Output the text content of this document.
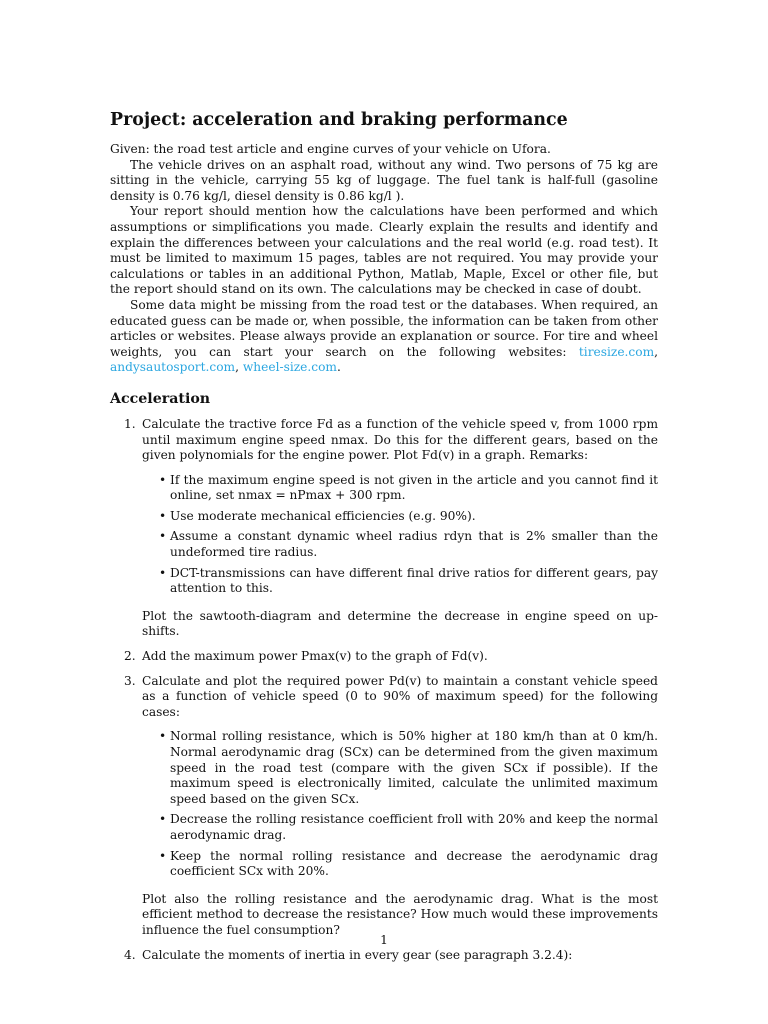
Project: acceleration and braking performance

Given: the road test article and engine curves of your vehicle on Ufora.

The vehicle drives on an asphalt road, without any wind. Two persons of 75 kg are sitting in the vehicle, carrying 55 kg of luggage. The fuel tank is half-full (gasoline density is 0.76 kg/l, diesel density is 0.86 kg/l ).

Your report should mention how the calculations have been performed and which assumptions or simplifications you made. Clearly explain the results and identify and explain the differences between your calculations and the real world (e.g. road test). It must be limited to maximum 15 pages, tables are not required. You may provide your calculations or tables in an additional Python, Matlab, Maple, Excel or other file, but the report should stand on its own. The calculations may be checked in case of doubt.

Some data might be missing from the road test or the databases. When required, an educated guess can be made or, when possible, the information can be taken from other articles or websites. Please always provide an explanation or source. For tire and wheel weights, you can start your search on the following websites: tiresize.com, andysautosport.com, wheel-size.com.

Acceleration
1. Calculate the tractive force Fd as a function of the vehicle speed v, from 1000 rpm until maximum engine speed nmax. Do this for the different gears, based on the given polynomials for the engine power. Plot Fd(v) in a graph. Remarks:
• If the maximum engine speed is not given in the article and you cannot find it online, set nmax = nPmax + 300 rpm.
• Use moderate mechanical efficiencies (e.g. 90%).
• Assume a constant dynamic wheel radius rdyn that is 2% smaller than the undeformed tire radius.
• DCT-transmissions can have different final drive ratios for different gears, pay attention to this.
Plot the sawtooth-diagram and determine the decrease in engine speed on up-shifts.
2. Add the maximum power Pmax(v) to the graph of Fd(v).
3. Calculate and plot the required power Pd(v) to maintain a constant vehicle speed as a function of vehicle speed (0 to 90% of maximum speed) for the following cases:
• Normal rolling resistance, which is 50% higher at 180 km/h than at 0 km/h. Normal aerodynamic drag (SCx) can be determined from the given maximum speed in the road test (compare with the given SCx if possible). If the maximum speed is electronically limited, calculate the unlimited maximum speed based on the given SCx.
• Decrease the rolling resistance coefficient froll with 20% and keep the normal aerodynamic drag.
• Keep the normal rolling resistance and decrease the aerodynamic drag coefficient SCx with 20%.
Plot also the rolling resistance and the aerodynamic drag. What is the most efficient method to decrease the resistance? How much would these improvements influence the fuel consumption?
4. Calculate the moments of inertia in every gear (see paragraph 3.2.4):
1
